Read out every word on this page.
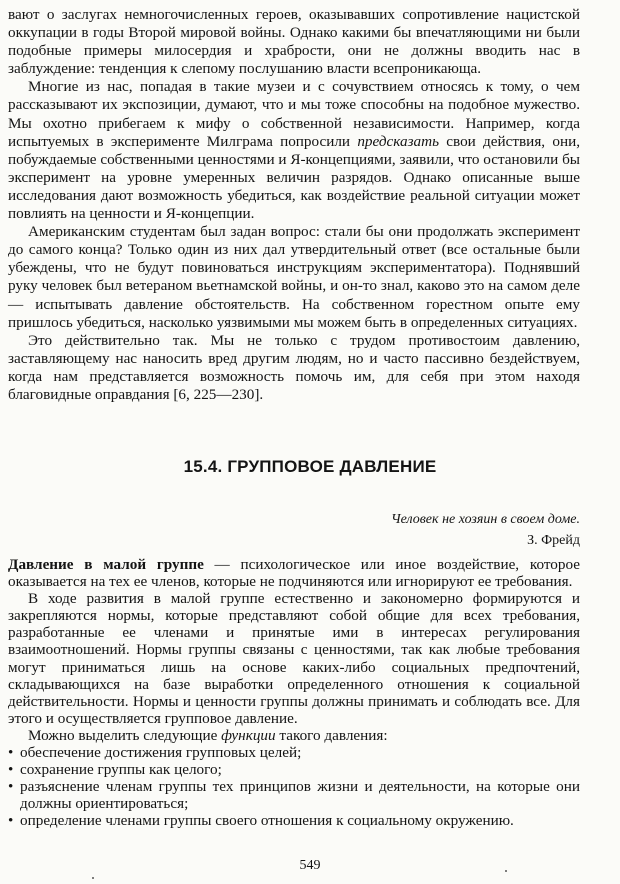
вают о заслугах немногочисленных героев, оказывавших сопротивление нацистской оккупации в годы Второй мировой войны. Однако какими бы впечатляющими ни были подобные примеры милосердия и храбрости, они не должны вводить нас в заблуждение: тенденция к слепому послушанию власти всепроникающа.

Многие из нас, попадая в такие музеи и с сочувствием относясь к тому, о чем рассказывают их экспозиции, думают, что и мы тоже способны на подобное мужество. Мы охотно прибегаем к мифу о собственной независимости. Например, когда испытуемых в эксперименте Милграма попросили предсказать свои действия, они, побуждаемые собственными ценностями и Я-концепциями, заявили, что остановили бы эксперимент на уровне умеренных величин разрядов. Однако описанные выше исследования дают возможность убедиться, как воздействие реальной ситуации может повлиять на ценности и Я-концепции.

Американским студентам был задан вопрос: стали бы они продолжать эксперимент до самого конца? Только один из них дал утвердительный ответ (все остальные были убеждены, что не будут повиноваться инструкциям экспериментатора). Поднявший руку человек был ветераном вьетнамской войны, и он-то знал, каково это на самом деле — испытывать давление обстоятельств. На собственном горестном опыте ему пришлось убедиться, насколько уязвимыми мы можем быть в определенных ситуациях.

Это действительно так. Мы не только с трудом противостоим давлению, заставляющему нас наносить вред другим людям, но и часто пассивно бездействуем, когда нам представляется возможность помочь им, для себя при этом находя благовидные оправдания [6, 225—230].

15.4. ГРУППОВОЕ ДАВЛЕНИЕ
Человек не хозяин в своем доме.
З. Фрейд

Давление в малой группе — психологическое или иное воздействие, которое оказывается на тех ее членов, которые не подчиняются или игнорируют ее требования.

В ходе развития в малой группе естественно и закономерно формируются и закрепляются нормы, которые представляют собой общие для всех требования, разработанные ее членами и принятые ими в интересах регулирования взаимоотношений. Нормы группы связаны с ценностями, так как любые требования могут приниматься лишь на основе каких-либо социальных предпочтений, складывающихся на базе выработки определенного отношения к социальной действительности. Нормы и ценности группы должны принимать и соблюдать все. Для этого и осуществляется групповое давление.

Можно выделить следующие функции такого давления:

• обеспечение достижения групповых целей;
• сохранение группы как целого;
• разъяснение членам группы тех принципов жизни и деятельности, на которые они должны ориентироваться;
• определение членами группы своего отношения к социальному окружению.
549
